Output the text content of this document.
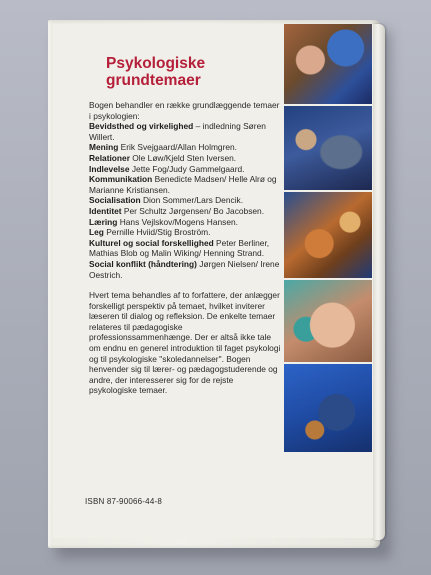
Psykologiske
grundtemaer

Bogen behandler en række grundlæggende temaer i psykologien:

Bevidsthed og virkelighed – indledning Søren Willert.

Mening Erik Svejgaard/Allan Holmgren.

Relationer Ole Løw/Kjeld Sten Iversen.

Indlevelse Jette Fog/Judy Gammelgaard.

Kommunikation Benedicte Madsen/ Helle Alrø og Marianne Kristiansen.

Socialisation Dion Sommer/Lars Dencik.

Identitet Per Schultz Jørgensen/ Bo Jacobsen.

Læring Hans Vejlskov/Mogens Hansen.

Leg Pernille Hviid/Stig Broström.

Kulturel og social forskellighed Peter Berliner, Mathias Blob og Malin Wiking/ Henning Strand.

Social konflikt (håndtering) Jørgen Nielsen/ Irene Oestrich.

Hvert tema behandles af to forfattere, der anlægger forskelligt perspektiv på temaet, hvilket inviterer læseren til dialog og refleksion. De enkelte temaer relateres til pædagogiske professionssammenhænge. Der er altså ikke tale om endnu en generel introduktion til faget psykologi og til psykologiske "skoledannelser". Bogen henvender sig til lærer- og pædagogstuderende og andre, der interesserer sig for de rejste psykologiske temaer.

ISBN 87-90066-44-8
